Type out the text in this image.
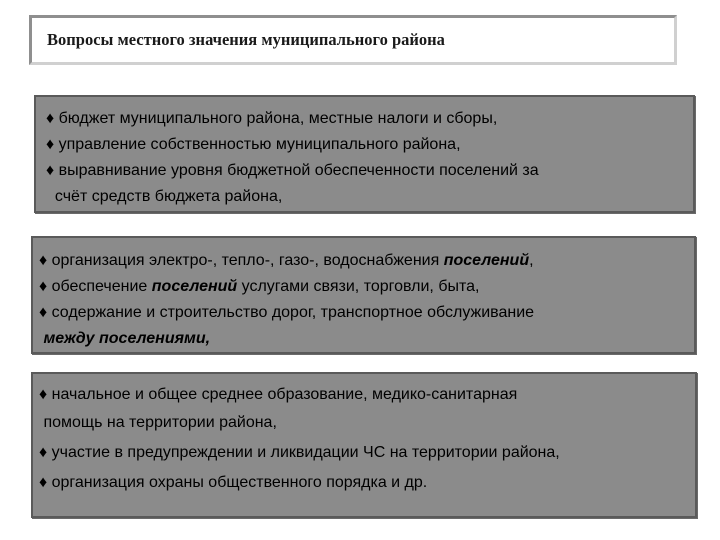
Вопросы местного значения муниципального района
♦ бюджет муниципального района, местные налоги и сборы,
♦ управление собственностью муниципального района,
♦ выравнивание уровня бюджетной обеспеченности поселений за
счёт средств бюджета района,
♦ организация электро-, тепло-, газо-, водоснабжения поселений,
♦ обеспечение поселений услугами связи, торговли, быта,
♦ содержание и строительство дорог, транспортное обслуживание
между поселениями,
♦ начальное и общее среднее образование, медико-санитарная
помощь на территории района,
♦ участие в предупреждении и ликвидации ЧС на территории района,
♦ организация охраны общественного порядка и др.
